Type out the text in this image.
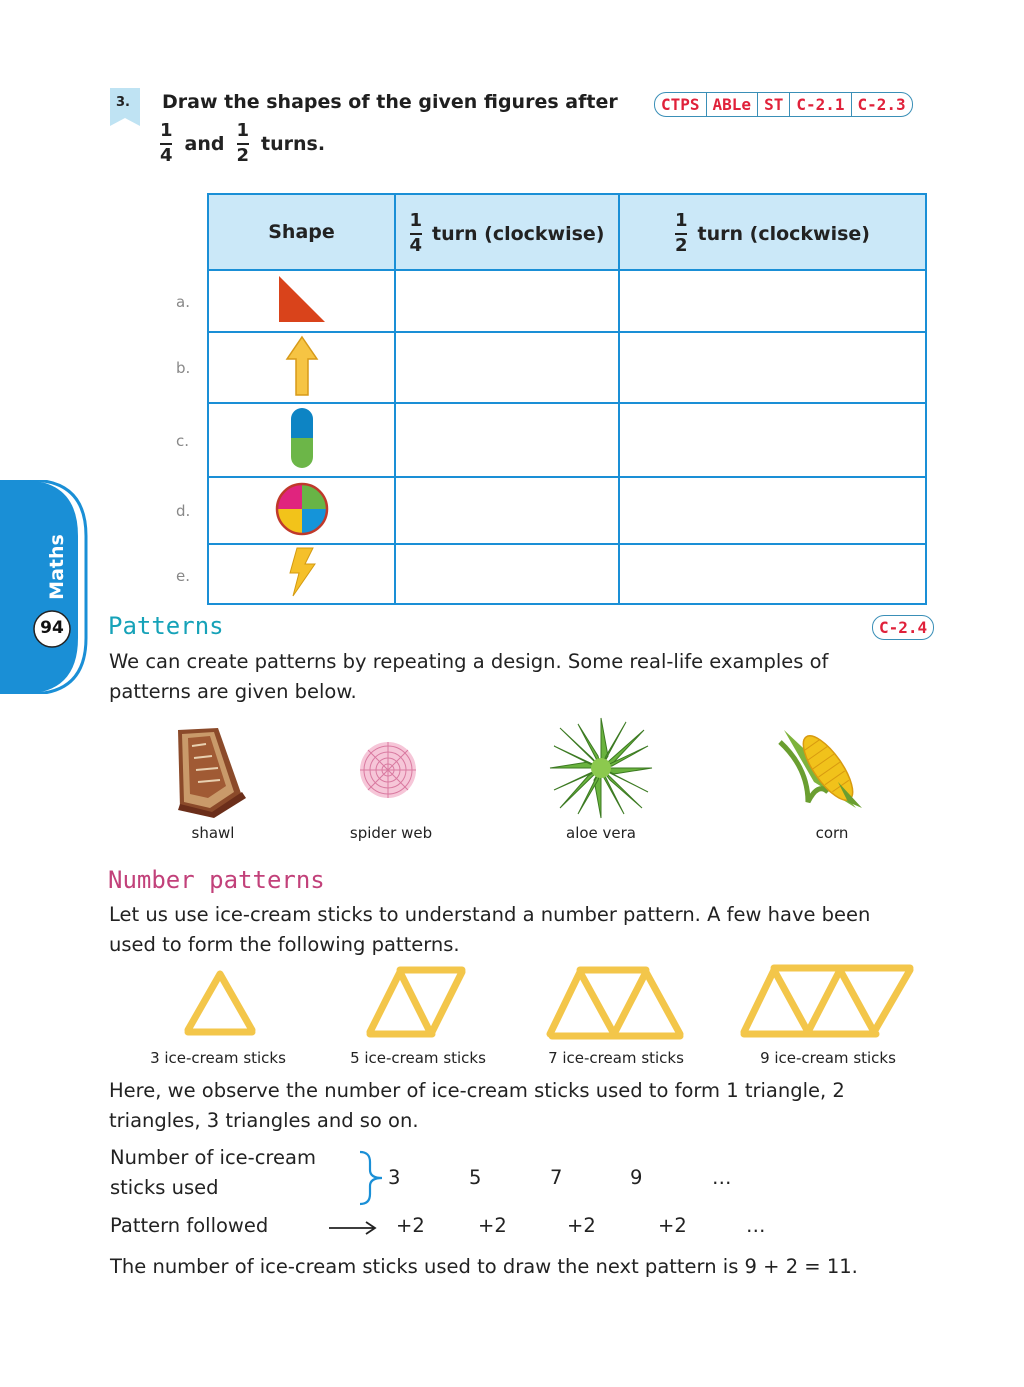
Maths
94
3. Draw the shapes of the given figures after
$\frac{1}{4}$ and $\frac{1}{2}$ turns.
CTPS ABLe ST C-2.1 C-2.3
Shape	$\frac{1}{4}$ turn (clockwise)	$\frac{1}{2}$ turn (clockwise)

a.
b.
c.
d.
e.
Patterns	C-2.4
We can create patterns by repeating a design. Some real-life examples of
patterns are given below.
shawl	spider web	aloe vera	corn
Number patterns
Let us use ice-cream sticks to understand a number pattern. A few have been
used to form the following patterns.
3 ice-cream sticks	5 ice-cream sticks	7 ice-cream sticks	9 ice-cream sticks
Here, we observe the number of ice-cream sticks used to form 1 triangle, 2
triangles, 3 triangles and so on.
Number of ice-cream
sticks used	3	5	7	9	…
Pattern followed	+2	+2	+2	+2	…
The number of ice-cream sticks used to draw the next pattern is 9 + 2 = 11.
